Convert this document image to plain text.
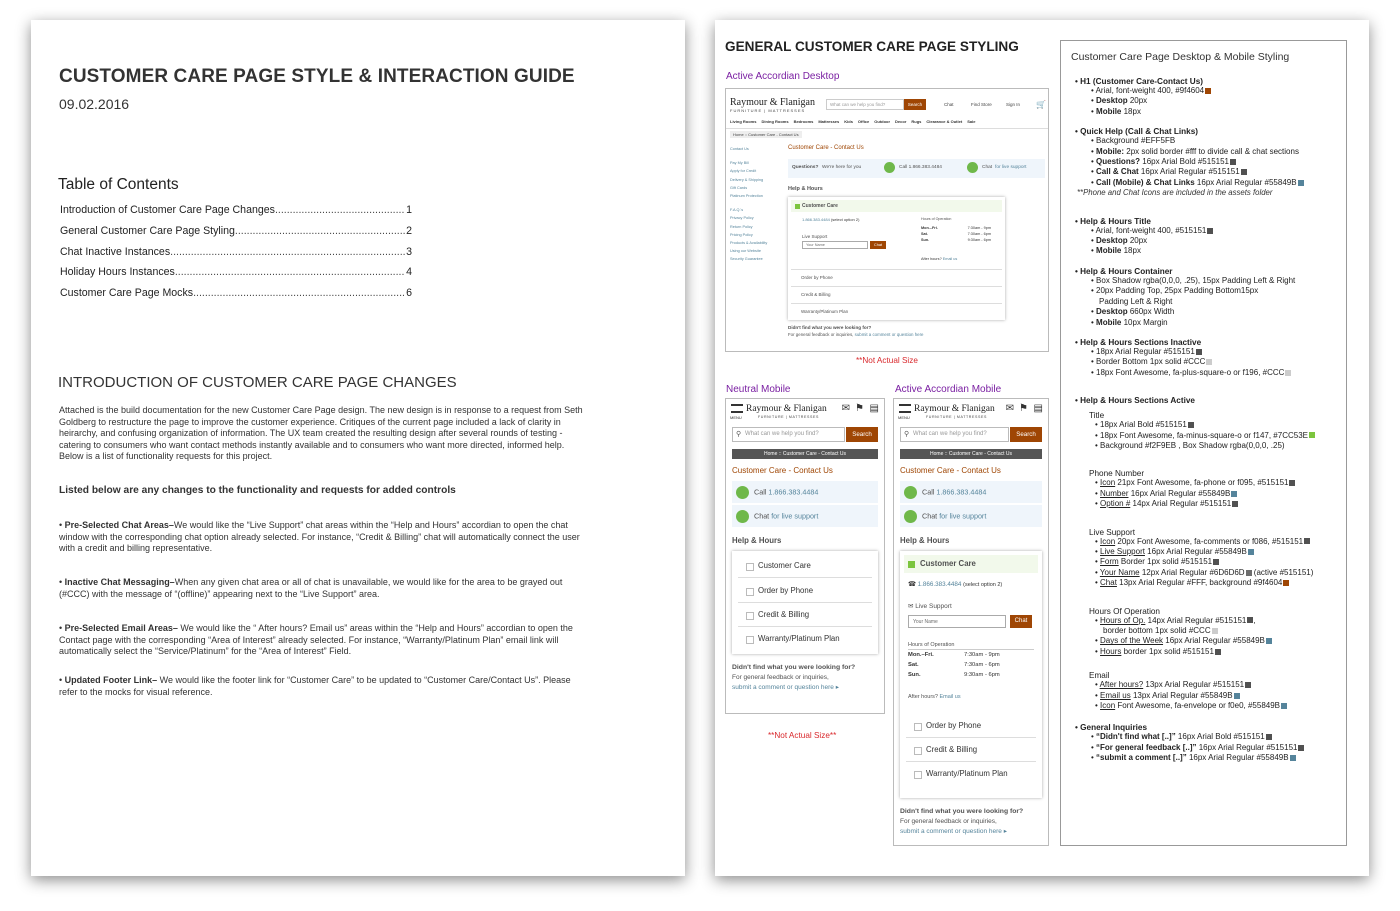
CUSTOMER CARE PAGE STYLE & INTERACTION GUIDE
09.02.2016
Table of Contents
Introduction of Customer Care Page Changes .....	1
General Customer Care Page Styling .....	2
Chat Inactive Instances .....	3
Holiday Hours Instances .....	4
Customer Care Page Mocks .....	6
INTRODUCTION OF CUSTOMER CARE PAGE CHANGES
Attached is the build documentation for the new Customer Care Page design. The new design is in response to a request from Seth Goldberg to restructure the page to improve the customer experience. Critiques of the current page included a lack of clarity in heirarchy, and confusing organization of information. The UX team created the resulting design after several rounds of testing - catering to consumers who want contact methods instantly available and to consumers who want more directed, informed help. Below is a list of functionality requests for this project.
Listed below are any changes to the functionality and requests for added controls
• Pre-Selected Chat Areas–We would like the “Live Support” chat areas within the “Help and Hours” accordian to open the chat window with the corresponding chat option already selected. For instance, “Credit & Billing” chat will automatically connect the user with a credit and billing representative.
• Inactive Chat Messaging–When any given chat area or all of chat is unavailable, we would like for the area to be grayed out (#CCC) with the message of “(offline)” appearing next to the “Live Support” area.
• Pre-Selected Email Areas– We would like the “ After hours? Email us” areas within the “Help and Hours” accordian to open the Contact page with the corresponding “Area of Interest” already selected. For instance, “Warranty/Platinum Plan” email link will automatically select the “Service/Platinum” for the “Area of Interest” Field.
• Updated Footer Link– We would like the footer link for “Customer Care” to be updated to “Customer Care/Contact Us”. Please refer to the mocks for visual reference.
GENERAL CUSTOMER CARE PAGE STYLING
Active Accordian Desktop
Raymour & Flanigan
FURNITURE | MATTRESSES
What can we help you find?	Search	Chat	Find Store	Sign In 🛒
Living Rooms Dining Rooms Bedrooms Mattresses Kids Office Outdoor Decor Rugs Clearance & Outlet Sale
Home :: Customer Care - Contact Us
Contact Us
Pay My Bill
Apply for Credit
Delivery & Shipping
Gift Cards
Platinum Protection
F.A.Q.'s
Privacy Policy
Return Policy
Pricing Policy
Products & Availability
Using our Website
Security Guarantee
Customer Care - Contact Us
Questions? We're here for you	Call 1.866.383.4484	Chat for live support
Help & Hours
Customer Care
1.866.383.4484 (select option 2)
Live Support
Your Name	Chat
Hours of Operation
Mon.–Fri.	7:30am - 9pm
Sat.	7:30am - 6pm
Sun.	9:30am - 6pm
After hours? Email us
Order by Phone
Credit & Billing
Warranty/Platinum Plan
Didn't find what you were looking for?
For general feedback or inquiries, submit a comment or question here
**Not Actual Size
Neutral Mobile	Active Accordian Mobile
MENU
Raymour & Flanigan
FURNITURE | MATTRESSES
✉ ⚑ ▤
What can we help you find?
⚲	Search
Home :: Customer Care - Contact Us
Customer Care - Contact Us
Call 1.866.383.4484
Chat for live support
Help & Hours
Customer Care
Order by Phone
Credit & Billing
Warranty/Platinum Plan
Didn't find what you were looking for?
For general feedback or inquiries,
submit a comment or question here ▸
**Not Actual Size**
MENU
Raymour & Flanigan
FURNITURE | MATTRESSES
✉ ⚑ ▤
What can we help you find?
⚲	Search
Home :: Customer Care - Contact Us
Customer Care - Contact Us
Call 1.866.383.4484
Chat for live support
Help & Hours
Customer Care
☎ 1.866.383.4484 (select option 2)
✉ Live Support
Your Name	Chat
Hours of Operation
Mon.–Fri.	7:30am - 9pm
Sat.	7:30am - 6pm
Sun.	9:30am - 6pm
After hours? Email us
Order by Phone
Credit & Billing
Warranty/Platinum Plan
Didn't find what you were looking for?
For general feedback or inquiries,
submit a comment or question here ▸
Customer Care Page Desktop & Mobile Styling
• H1 (Customer Care-Contact Us)
• Arial, font-weight 400, #9f4604
• Desktop 20px
• Mobile 18px
• Quick Help (Call & Chat Links)
• Background #EFF5FB
• Mobile: 2px solid border #fff to divide call & chat sections
• Questions? 16px Arial Bold #515151
• Call & Chat 16px Arial Regular #515151
• Call (Mobile) & Chat Links 16px Arial Regular #55849B
**Phone and Chat Icons are included in the assets folder
• Help & Hours Title
• Arial, font-weight 400, #515151
• Desktop 20px
• Mobile 18px
• Help & Hours Container
• Box Shadow rgba(0,0,0, .25), 15px Padding Left & Right
• 20px Padding Top, 25px Padding Bottom15px
Padding Left & Right
• Desktop 660px Width
• Mobile 10px Margin
• Help & Hours Sections Inactive
• 18px Arial Regular #515151
• Border Bottom 1px solid #CCC
• 18px Font Awesome, fa-plus-square-o or f196, #CCC
• Help & Hours Sections Active
Title
• 18px Arial Bold #515151
• 18px Font Awesome, fa-minus-square-o or f147, #7CC53E
• Background #f2F9EB , Box Shadow rgba(0,0,0, .25)
Phone Number
• Icon 21px Font Awesome, fa-phone or f095, #515151
• Number 16px Arial Regular #55849B
• Option # 14px Arial Regular #515151
Live Support
• Icon 20px Font Awesome, fa-comments or f086, #515151
• Live Support 16px Arial Regular #55849B
• Form Border 1px solid #515151
• Your Name 12px Arial Regular #6D6D6D (active #515151)
• Chat 13px Arial Regular #FFF, background #9f4604
Hours Of Operation
• Hours of Op. 14px Arial Regular #515151 ,
border bottom 1px solid #CCC
• Days of the Week 16px Arial Regular #55849B
• Hours border 1px solid #515151
Email
• After hours? 13px Arial Regular #515151
• Email us 13px Arial Regular #55849B
• Icon Font Awesome, fa-envelope or f0e0, #55849B
• General Inquiries
• “Didn't find what [..]” 16px Arial Bold #515151
• “For general feedback [..]” 16px Arial Regular #515151
• “submit a comment [..]” 16px Arial Regular #55849B
